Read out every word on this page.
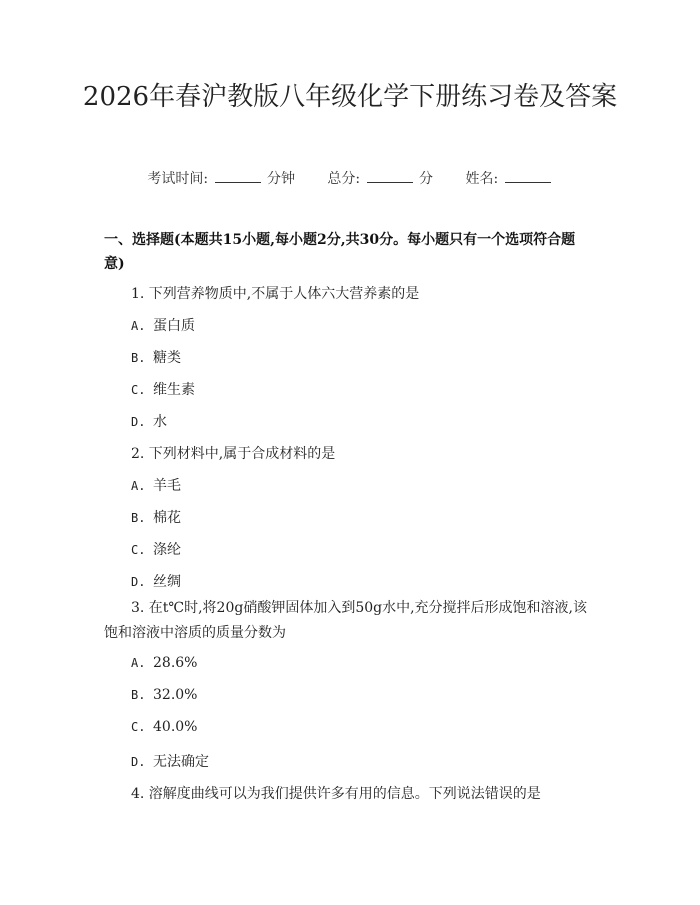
2026年春沪教版八年级化学下册练习卷及答案
考试时间:	分钟 总分:	分 姓名:
一、选择题(本题共15小题,每小题2分,共30分。每小题只有一个选项符合题意)
1. 下列营养物质中,不属于人体六大营养素的是
A. 蛋白质
B. 糖类
C. 维生素
D. 水
2. 下列材料中,属于合成材料的是
A. 羊毛
B. 棉花
C. 涤纶
D. 丝绸
3. 在t℃时,将20g硝酸钾固体加入到50g水中,充分搅拌后形成饱和溶液,该饱和溶液中溶质的质量分数为
A. 28.6%
B. 32.0%
C. 40.0%
D. 无法确定
4. 溶解度曲线可以为我们提供许多有用的信息。下列说法错误的是
